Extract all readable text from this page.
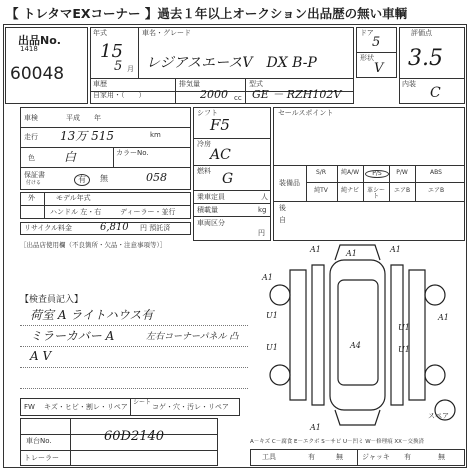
【 トレタマEXコーナー 】過去１年以上オークション出品歴の無い車輌
出品No.
1418
60048
年式
15
5 月
車名・グレード
レジアスエースV　DX B-P
車歴
自家用・（　　）
排気量
2000 cc
型式
GE － RZH102V
ドア
5
形状
V
評価点
3.5
内装
C
車検	平成　　年
走行 13万 515	km
色 白	カラーNo.
保証書
付ける	有	無	058
外	モデル年式
ハンドル 左・右	ディーラー・並行
リサイクル料金	6,810 円 預託済
［出品店使用欄（不良箇所・欠品・注意事項等）］
シフト
F5
冷房
AC
燃料 G
乗車定員	人
積載量	kg
車両区分
円
セールスポイント
装備品
後
自
S/R	純A/W	P/S	P/W	ABS
純TV	純ナビ	革シート
エアB	エアB
【検査員記入】
荷室 A ライトハウス有
ミラーカバー A	左右コーナーパネル 凸
A V
A1	A1
A1
A4
U1
U1
U1
U1
A1
A1
A1
スペア
FW キズ・ヒビ・割レ・リペア
シート
コゲ・穴・汚レ・リペア
車台No.	60D2140
トレーラー
A－キズ C－腐食 E－エクボ S－サビ U－凹ミ W－修理痕 XX－交換済
工具	有	無	ジャッキ 有	無
